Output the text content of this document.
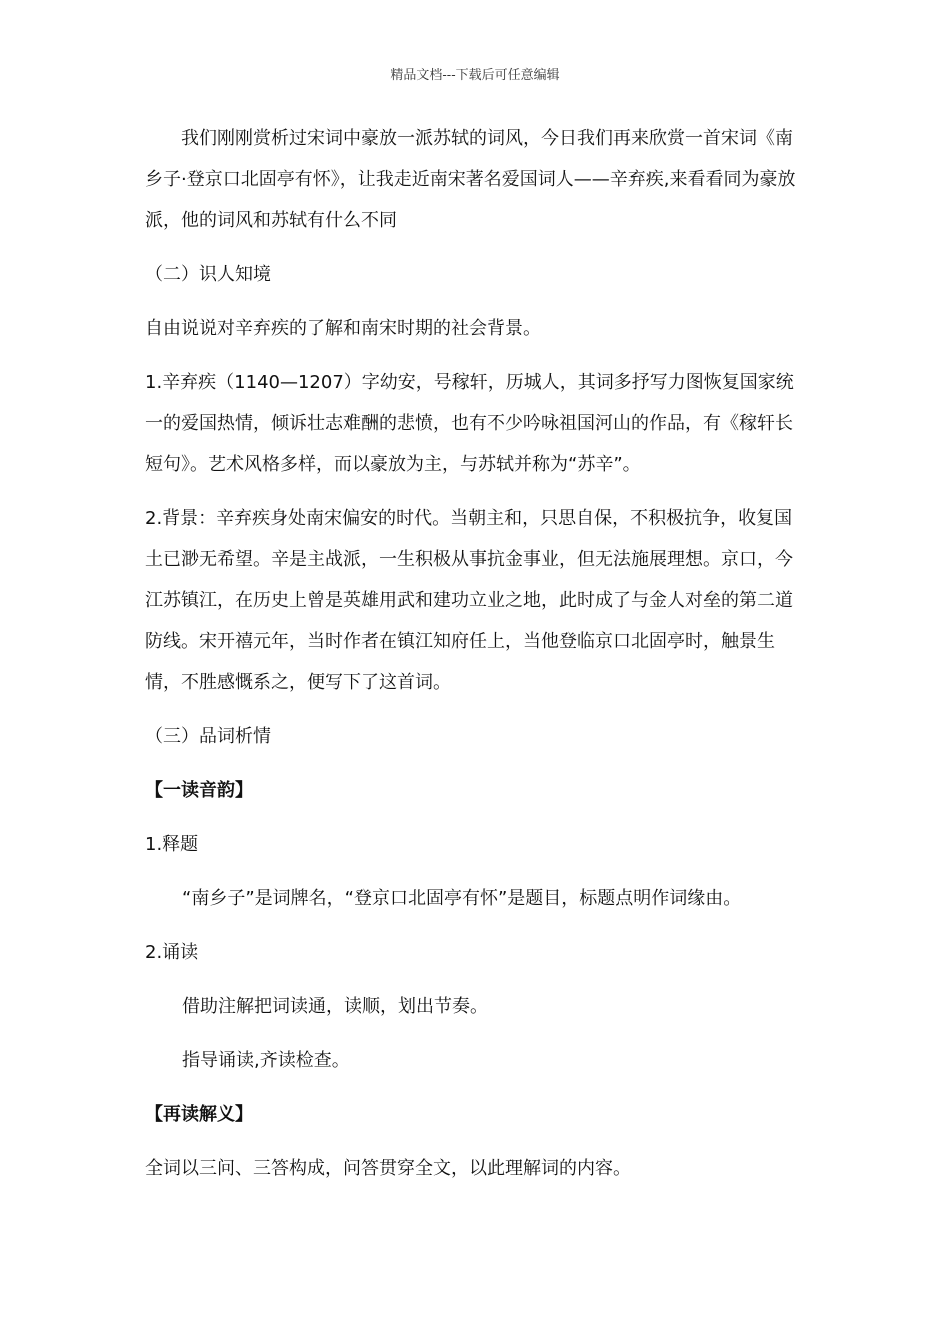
精品文档---下载后可任意编辑

我们刚刚赏析过宋词中豪放一派苏轼的词风，今日我们再来欣赏一首宋词《南乡子·登京口北固亭有怀》，让我走近南宋著名爱国词人——辛弃疾,来看看同为豪放派，他的词风和苏轼有什么不同

（二）识人知境

自由说说对辛弃疾的了解和南宋时期的社会背景。

1.辛弃疾（1140—1207）字幼安，号稼轩，历城人，其词多抒写力图恢复国家统一的爱国热情，倾诉壮志难酬的悲愤，也有不少吟咏祖国河山的作品，有《稼轩长短句》。艺术风格多样，而以豪放为主，与苏轼并称为“苏辛”。

2.背景：辛弃疾身处南宋偏安的时代。当朝主和，只思自保，不积极抗争，收复国土已渺无希望。辛是主战派，一生积极从事抗金事业，但无法施展理想。京口，今江苏镇江，在历史上曾是英雄用武和建功立业之地，此时成了与金人对垒的第二道防线。宋开禧元年，当时作者在镇江知府任上，当他登临京口北固亭时，触景生情，不胜感慨系之，便写下了这首词。

（三）品词析情

【一读音韵】

1.释题

“南乡子”是词牌名，“登京口北固亭有怀”是题目，标题点明作词缘由。

2.诵读

借助注解把词读通，读顺，划出节奏。

指导诵读,齐读检查。

【再读解义】

全词以三问、三答构成，问答贯穿全文，以此理解词的内容。
